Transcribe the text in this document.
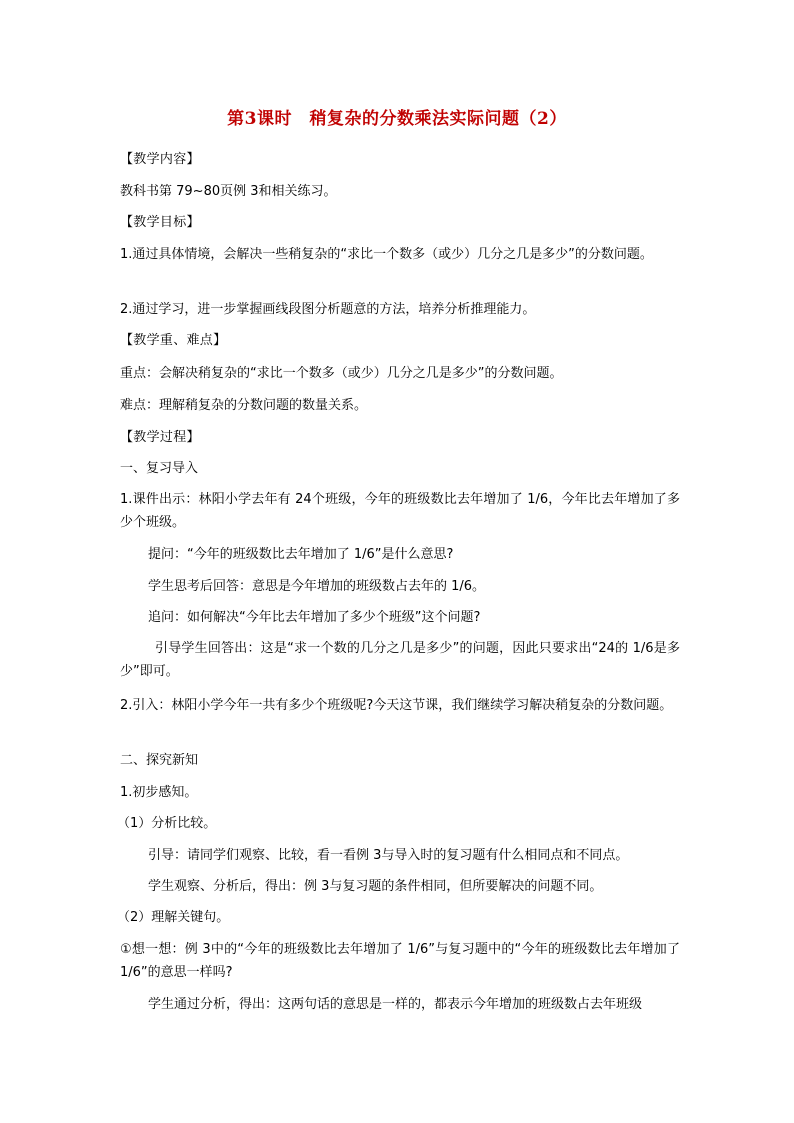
第3课时　稍复杂的分数乘法实际问题（2）
【教学内容】
教科书第 79~80页例 3和相关练习。
【教学目标】
1.通过具体情境，会解决一些稍复杂的“求比一个数多（或少）几分之几是多少”的分数问题。
2.通过学习，进一步掌握画线段图分析题意的方法，培养分析推理能力。
【教学重、难点】
重点：会解决稍复杂的“求比一个数多（或少）几分之几是多少”的分数问题。
难点：理解稍复杂的分数问题的数量关系。
【教学过程】
一、复习导入
1.课件出示：林阳小学去年有 24个班级，今年的班级数比去年增加了 1/6，今年比去年增加了多少个班级。
提问：“今年的班级数比去年增加了 1/6”是什么意思?
学生思考后回答：意思是今年增加的班级数占去年的 1/6。
追问：如何解决“今年比去年增加了多少个班级”这个问题?
引导学生回答出：这是“求一个数的几分之几是多少”的问题，因此只要求出“24的 1/6是多少”即可。
2.引入：林阳小学今年一共有多少个班级呢?今天这节课，我们继续学习解决稍复杂的分数问题。
二、探究新知
1.初步感知。
（1）分析比较。
引导：请同学们观察、比较，看一看例 3与导入时的复习题有什么相同点和不同点。
学生观察、分析后，得出：例 3与复习题的条件相同，但所要解决的问题不同。
（2）理解关键句。
①想一想：例 3中的“今年的班级数比去年增加了 1/6”与复习题中的“今年的班级数比去年增加了 1/6”的意思一样吗?
学生通过分析，得出：这两句话的意思是一样的，都表示今年增加的班级数占去年班级
